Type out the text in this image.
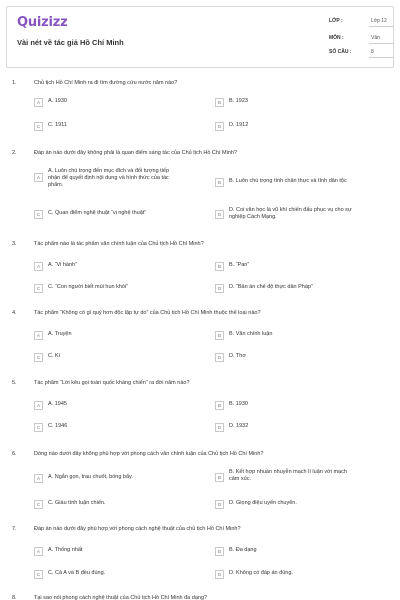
Quizizz
Vài nét về tác giả Hồ Chí Minh
LỚP :	Lớp 12
MÔN :	Văn
SỐ CÂU :	8
1.	Chủ tịch Hồ Chí Minh ra đi tìm đường cứu nước năm nào?
A	A. 1930	B	B. 1923
C	C. 1911	D	D. 1912
2.	Đáp án nào dưới đây không phải là quan điểm sáng tác của Chủ tịch Hồ Chí Minh?
A
A. Luôn chú trọng đến mục đích và đối tượng tiếp
nhận để quyết định nội dung và hình thức của tác
phẩm.	B	B. Luôn chú trọng tính chân thực và tính dân tộc
C	C. Quan điểm nghệ thuật “vị nghệ thuật”	D
D. Coi văn học là vũ khí chiến đấu phục vụ cho sự
nghiệp Cách Mạng.
3.	Tác phẩm nào là tác phẩm văn chính luận của Chủ tịch Hồ Chí Minh?
A	A. “Vi hành”	B	B. “Pan”
C	C. “Con người biết mùi hun khói”	D	D. “Bản án chế độ thực dân Pháp”
4.	Tác phẩm “Không có gì quý hơn độc lập tự do” của Chủ tịch Hồ Chí Minh thuộc thể loại nào?
A	A. Truyện	B	B. Văn chính luận
C	C. Kí	D	D. Thơ
5.	Tác phẩm “Lời kêu gọi toàn quốc kháng chiến” ra đời năm nào?
A	A. 1945	B	B. 1930
C	C. 1946	D	D. 1932
6.	Dòng nào dưới đây không phù hợp với phong cách văn chính luận của Chủ tịch Hồ Chí Minh?
A	A. Ngắn gọn, trau chuốt, bóng bẩy.	B
B. Kết hợp nhuần nhuyễn mạch lí luận với mạch
cảm xúc.
C	C. Giàu tính luận chiến.	D	D. Giọng điệu uyển chuyển.
7.	Đáp án nào dưới đây phù hợp với phong cách nghệ thuật của chủ tịch Hồ Chí Minh?
A	A. Thống nhất	B	B. Đa dạng
C	C. Cả A và B đều đúng.	D	D. Không có đáp án đúng.
8.	Tại sao nói phong cách nghệ thuật của Chủ tịch Hồ Chí Minh đa dạng?
